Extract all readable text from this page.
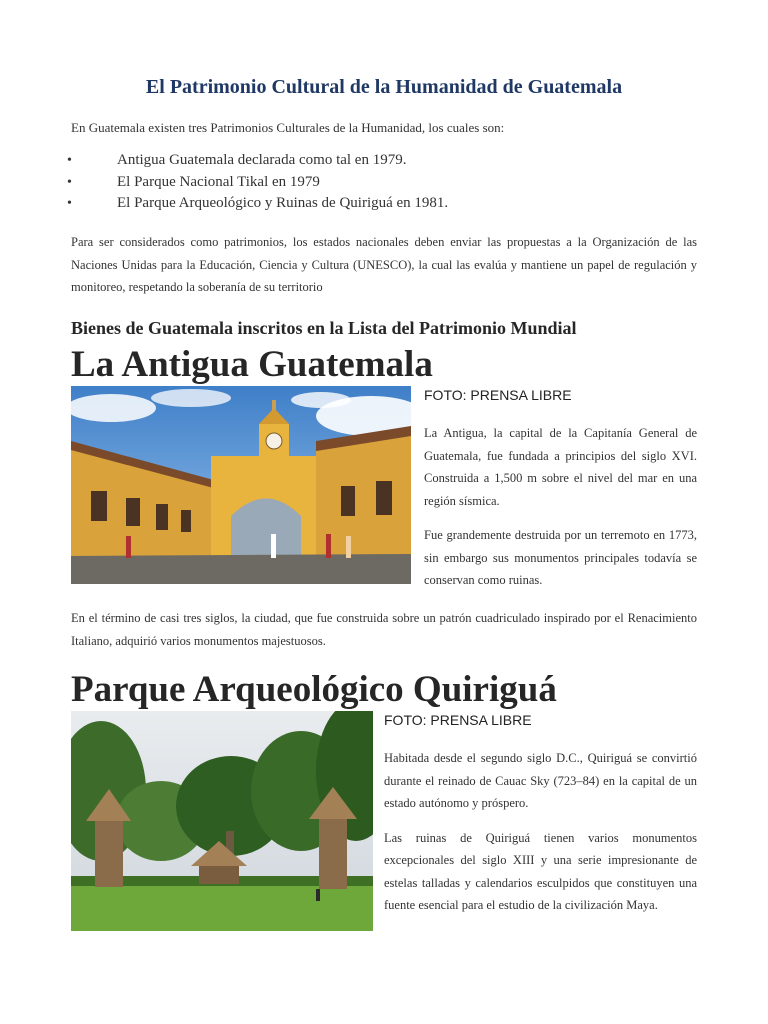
El Patrimonio Cultural de la Humanidad de Guatemala
En Guatemala existen tres Patrimonios Culturales de la Humanidad, los cuales son:
•	Antigua Guatemala declarada como tal en 1979.
•	El Parque Nacional Tikal en 1979
•	El Parque Arqueológico y Ruinas de Quiriguá en 1981.
Para ser considerados como patrimonios, los estados nacionales deben enviar las propuestas a la Organización de las Naciones Unidas para la Educación, Ciencia y Cultura (UNESCO), la cual las evalúa y mantiene un papel de regulación y monitoreo, respetando la soberanía de su territorio
Bienes de Guatemala inscritos en la Lista del Patrimonio Mundial
La Antigua Guatemala
FOTO: PRENSA LIBRE

La Antigua, la capital de la Capitanía General de Guatemala, fue fundada a principios del siglo XVI. Construida a 1,500 m sobre el nivel del mar en una región sísmica.

Fue grandemente destruida por un terremoto en 1773, sin embargo sus monumentos principales todavía se conservan como ruinas.

En el término de casi tres siglos, la ciudad, que fue construida sobre un patrón cuadriculado inspirado por el Renacimiento Italiano, adquirió varios monumentos majestuosos.
Parque Arqueológico Quiriguá
FOTO: PRENSA LIBRE

Habitada desde el segundo siglo D.C., Quiriguá se convirtió durante el reinado de Cauac Sky (723–84) en la capital de un estado autónomo y próspero.

Las ruinas de Quiriguá tienen varios monumentos excepcionales del siglo XIII y una serie impresionante de estelas talladas y calendarios esculpidos que constituyen una fuente esencial para el estudio de la civilización Maya.
